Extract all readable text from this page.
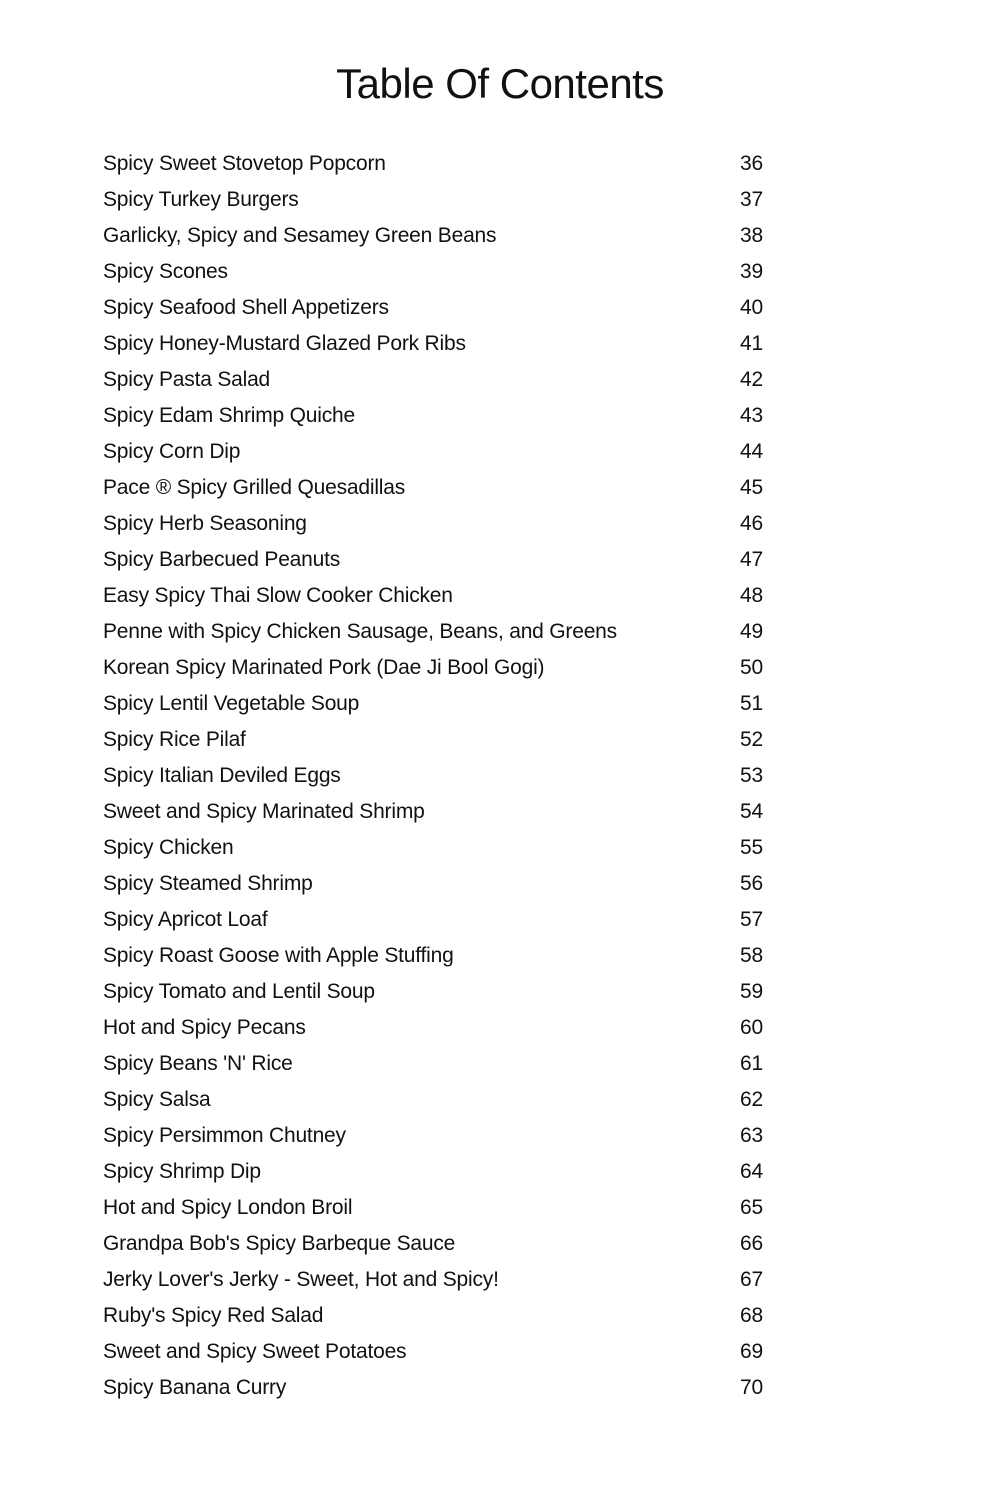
Table Of Contents
Spicy Sweet Stovetop Popcorn	36
Spicy Turkey Burgers	37
Garlicky, Spicy and Sesamey Green Beans	38
Spicy Scones	39
Spicy Seafood Shell Appetizers	40
Spicy Honey-Mustard Glazed Pork Ribs	41
Spicy Pasta Salad	42
Spicy Edam Shrimp Quiche	43
Spicy Corn Dip	44
Pace ® Spicy Grilled Quesadillas	45
Spicy Herb Seasoning	46
Spicy Barbecued Peanuts	47
Easy Spicy Thai Slow Cooker Chicken	48
Penne with Spicy Chicken Sausage, Beans, and Greens	49
Korean Spicy Marinated Pork (Dae Ji Bool Gogi)	50
Spicy Lentil Vegetable Soup	51
Spicy Rice Pilaf	52
Spicy Italian Deviled Eggs	53
Sweet and Spicy Marinated Shrimp	54
Spicy Chicken	55
Spicy Steamed Shrimp	56
Spicy Apricot Loaf	57
Spicy Roast Goose with Apple Stuffing	58
Spicy Tomato and Lentil Soup	59
Hot and Spicy Pecans	60
Spicy Beans 'N' Rice	61
Spicy Salsa	62
Spicy Persimmon Chutney	63
Spicy Shrimp Dip	64
Hot and Spicy London Broil	65
Grandpa Bob's Spicy Barbeque Sauce	66
Jerky Lover's Jerky - Sweet, Hot and Spicy!	67
Ruby's Spicy Red Salad	68
Sweet and Spicy Sweet Potatoes	69
Spicy Banana Curry	70
